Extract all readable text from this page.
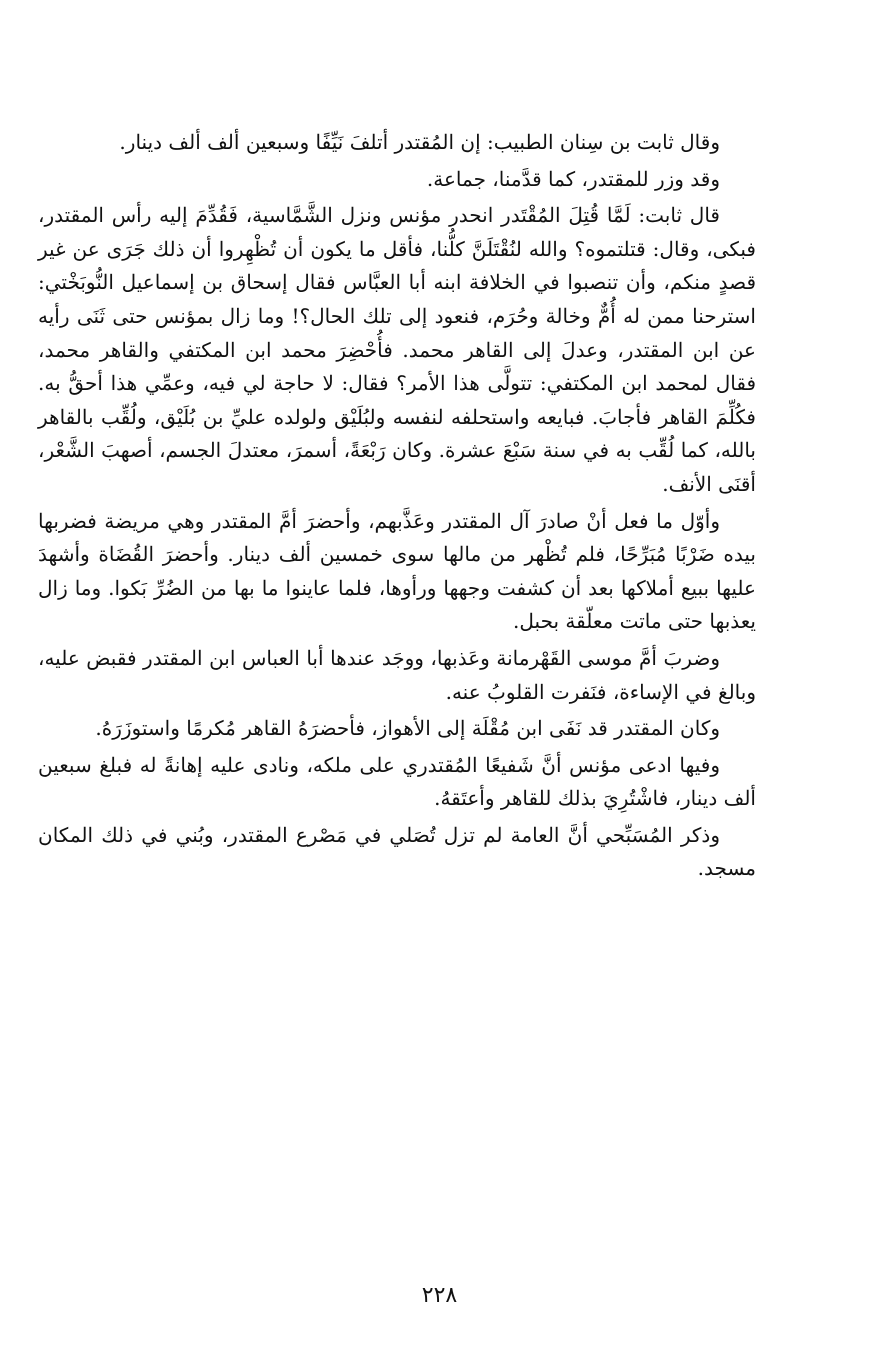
وقال ثابت بن سِنان الطبيب: إن المُقتدر أتلفَ نَيِّفًا وسبعين ألف ألف دينار.

وقد وزر للمقتدر، كما قدَّمنا، جماعة.

قال ثابت: لَمَّا قُتِلَ المُقْتَدر انحدر مؤنس ونزل الشَّمَّاسية، فَقُدِّمَ إليه رأس المقتدر، فبكى، وقال: قتلتموه؟ والله لنُقْتَلَنَّ كلُّنا، فأقل ما يكون أن تُظْهِروا أن ذلك جَرَى عن غير قصدٍ منكم، وأن تنصبوا في الخلافة ابنه أبا العبَّاس فقال إسحاق بن إسماعيل النُّوبَخْتي: استرحنا ممن له أُمٌّ وخالة وحُرَم، فنعود إلى تلك الحال؟! وما زال بمؤنس حتى ثَنَى رأيه عن ابن المقتدر، وعدلَ إلى القاهر محمد. فأُحْضِرَ محمد ابن المكتفي والقاهر محمد، فقال لمحمد ابن المكتفي: تتولَّى هذا الأمر؟ فقال: لا حاجة لي فيه، وعمِّي هذا أحقُّ به. فكُلِّمَ القاهر فأجابَ. فبايعه واستحلفه لنفسه ولبُلَيْق ولولده عليِّ بن بُلَيْق، ولُقِّب بالقاهر بالله، كما لُقِّب به في سنة سَبْعَ عشرة. وكان رَبْعَةً، أسمرَ، معتدلَ الجسم، أصهبَ الشَّعْر، أقنَى الأنف.

وأوّل ما فعل أنْ صادرَ آل المقتدر وعَذَّبهم، وأحضرَ أمَّ المقتدر وهي مريضة فضربها بيده ضَرْبًا مُبَرِّحًا، فلم تُظْهر من مالها سوى خمسين ألف دينار. وأحضرَ القُضَاة وأشهدَ عليها ببيع أملاكها بعد أن كشفت وجهها ورأوها، فلما عاينوا ما بها من الضُرِّ بَكوا. وما زال يعذبها حتى ماتت معلّقة بحبل.

وضربَ أمَّ موسى القَهْرمانة وعَذبها، ووجَد عندها أبا العباس ابن المقتدر فقبض عليه، وبالغ في الإساءة، فنَفرت القلوبُ عنه.

وكان المقتدر قد نَفَى ابن مُقْلَة إلى الأهواز، فأحضرَهُ القاهر مُكرمًا واستوزَرَهُ.

وفيها ادعى مؤنس أنَّ شَفيعًا المُقتدري على ملكه، ونادى عليه إهانةً له فبلغ سبعين ألف دينار، فاشْتُرِيَ بذلك للقاهر وأعتَقهُ.

وذكر المُسَبِّحي أنَّ العامة لم تزل تُصَلي في مَصْرع المقتدر، وبُني في ذلك المكان مسجد.

٢٢٨
